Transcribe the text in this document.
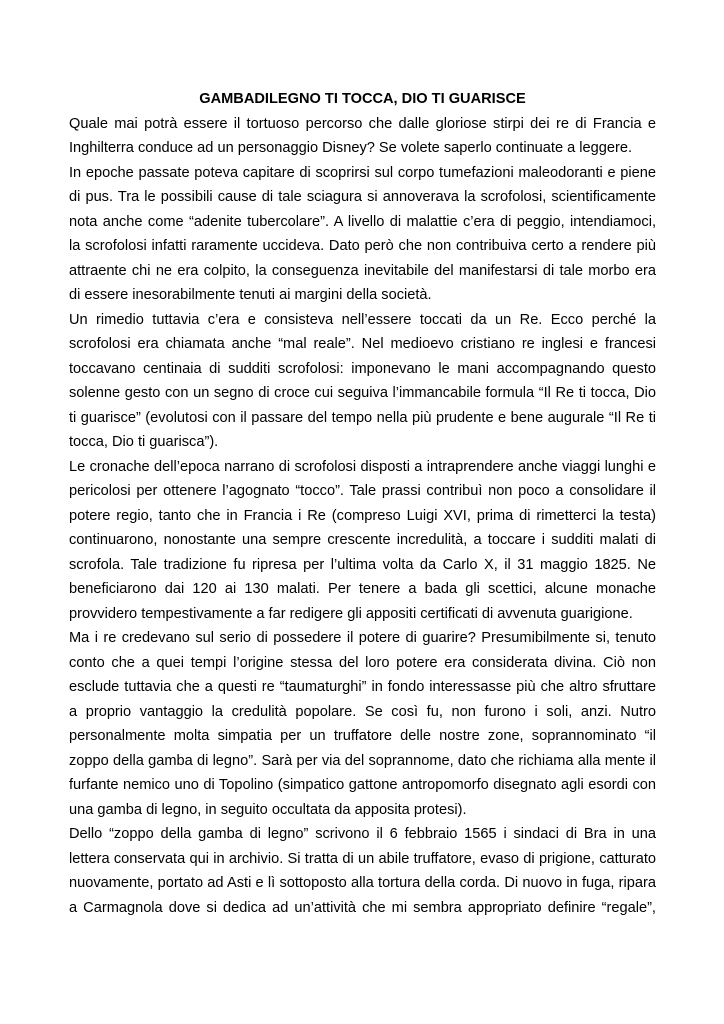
GAMBADILEGNO TI TOCCA, DIO TI GUARISCE

Quale mai potrà essere il tortuoso percorso che dalle gloriose stirpi dei re di Francia e
Inghilterra conduce ad un personaggio Disney? Se volete saperlo continuate a leggere.

In epoche passate poteva capitare di scoprirsi sul corpo tumefazioni maleodoranti e piene
di pus. Tra le possibili cause di tale sciagura si annoverava la scrofolosi, scientificamente
nota anche come “adenite tubercolare”. A livello di malattie c’era di peggio, intendiamoci,
la scrofolosi infatti raramente uccideva. Dato però che non contribuiva certo a rendere più
attraente chi ne era colpito, la conseguenza inevitabile del manifestarsi di tale morbo era
di essere inesorabilmente tenuti ai margini della società.

Un rimedio tuttavia c’era e consisteva nell’essere toccati da un Re. Ecco perché la
scrofolosi era chiamata anche “mal reale”. Nel medioevo cristiano re inglesi e francesi
toccavano centinaia di sudditi scrofolosi: imponevano le mani accompagnando questo
solenne gesto con un segno di croce cui seguiva l’immancabile formula “Il Re ti tocca, Dio
ti guarisce” (evolutosi con il passare del tempo nella più prudente e bene augurale “Il Re ti
tocca, Dio ti guarisca”).

Le cronache dell’epoca narrano di scrofolosi disposti a intraprendere anche viaggi lunghi e
pericolosi per ottenere l’agognato “tocco”. Tale prassi contribuì non poco a consolidare il
potere regio, tanto che in Francia i Re (compreso Luigi XVI, prima di rimetterci la testa)
continuarono, nonostante una sempre crescente incredulità, a toccare i sudditi malati di
scrofola. Tale tradizione fu ripresa per l’ultima volta da Carlo X, il 31 maggio 1825. Ne
beneficiarono dai 120 ai 130 malati. Per tenere a bada gli scettici, alcune monache
provvidero tempestivamente a far redigere gli appositi certificati di avvenuta guarigione.

Ma i re credevano sul serio di possedere il potere di guarire? Presumibilmente si, tenuto
conto che a quei tempi l’origine stessa del loro potere era considerata divina. Ciò non
esclude tuttavia che a questi re “taumaturghi” in fondo interessasse più che altro sfruttare
a proprio vantaggio la credulità popolare. Se così fu, non furono i soli, anzi. Nutro
personalmente molta simpatia per un truffatore delle nostre zone, soprannominato “il
zoppo della gamba di legno”. Sarà per via del soprannome, dato che richiama alla mente il
furfante nemico uno di Topolino (simpatico gattone antropomorfo disegnato agli esordi con
una gamba di legno, in seguito occultata da apposita protesi).

Dello “zoppo della gamba di legno” scrivono il 6 febbraio 1565 i sindaci di Bra in una
lettera conservata qui in archivio. Si tratta di un abile truffatore, evaso di prigione, catturato
nuovamente, portato ad Asti e lì sottoposto alla tortura della corda. Di nuovo in fuga, ripara
a Carmagnola dove si dedica ad un’attività che mi sembra appropriato definire “regale”,
